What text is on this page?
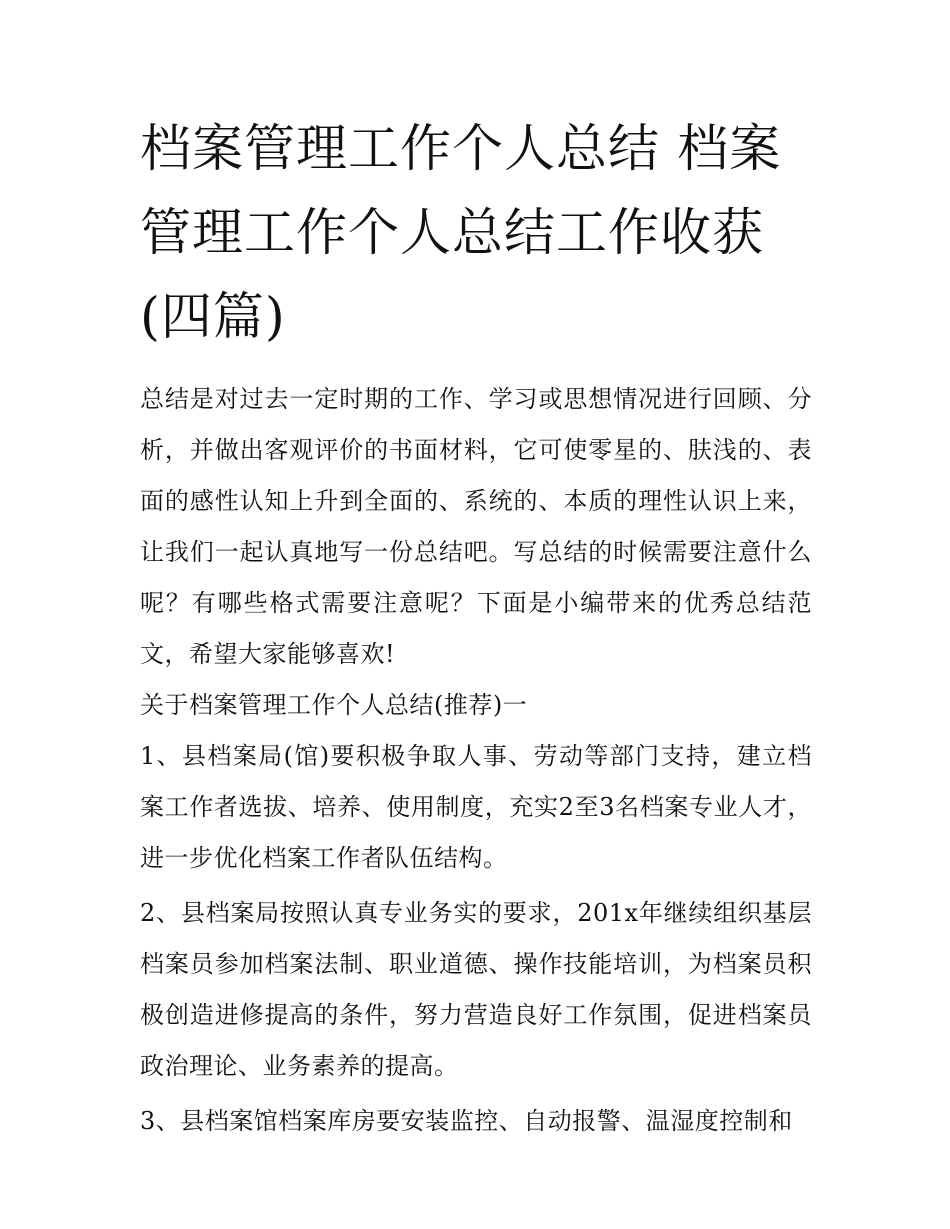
档案管理工作个人总结 档案管理工作个人总结工作收获(四篇)

总结是对过去一定时期的工作、学习或思想情况进行回顾、分析，并做出客观评价的书面材料，它可使零星的、肤浅的、表面的感性认知上升到全面的、系统的、本质的理性认识上来，让我们一起认真地写一份总结吧。写总结的时候需要注意什么呢？有哪些格式需要注意呢？下面是小编带来的优秀总结范文，希望大家能够喜欢!

关于档案管理工作个人总结(推荐)一

1、县档案局(馆)要积极争取人事、劳动等部门支持，建立档案工作者选拔、培养、使用制度，充实2至3名档案专业人才，进一步优化档案工作者队伍结构。

2、县档案局按照认真专业务实的要求，201x年继续组织基层档案员参加档案法制、职业道德、操作技能培训，为档案员积极创造进修提高的条件，努力营造良好工作氛围，促进档案员政治理论、业务素养的提高。

3、县档案馆档案库房要安装监控、自动报警、温湿度控制和
